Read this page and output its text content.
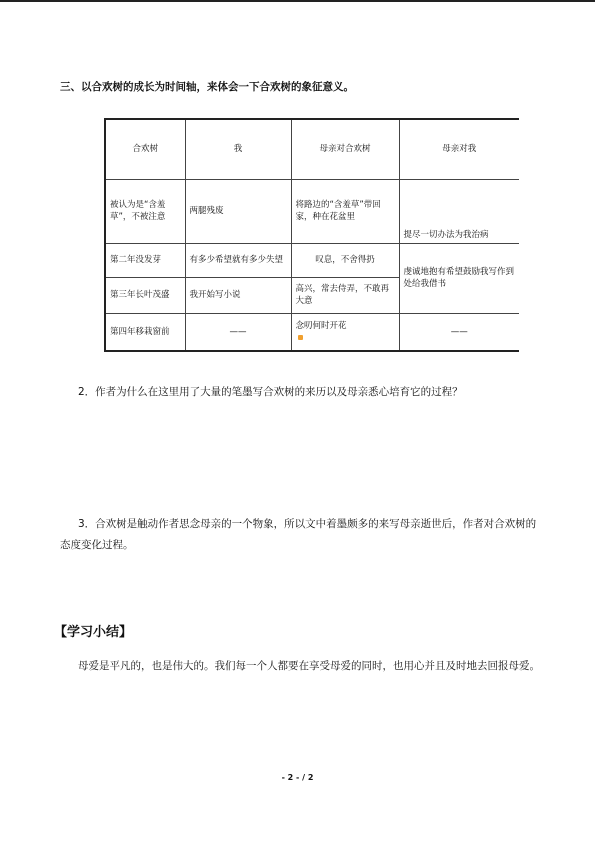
三、以合欢树的成长为时间轴，来体会一下合欢树的象征意义。
合欢树	我	母亲对合欢树	母亲对我
被认为是“含羞草”，不被注意	两腿残废	将路边的“含羞草”带回家，种在花盆里	提尽一切办法为我治病
第二年没发芽	有多少希望就有多少失望	叹息，不舍得扔	虔诚地抱有希望鼓励我写作到处给我借书
第三年长叶茂盛	我开始写小说	高兴，常去侍弄，不敢再大意	
第四年移栽窗前	——	念叨何时开花	——
2．作者为什么在这里用了大量的笔墨写合欢树的来历以及母亲悉心培育它的过程？
3．合欢树是触动作者思念母亲的一个物象，所以文中着墨颇多的来写母亲逝世后，作者对合欢树的态度变化过程。
【学习小结】
母爱是平凡的，也是伟大的。我们每一个人都要在享受母爱的同时，也用心并且及时地去回报母爱。
- 2 - / 2
